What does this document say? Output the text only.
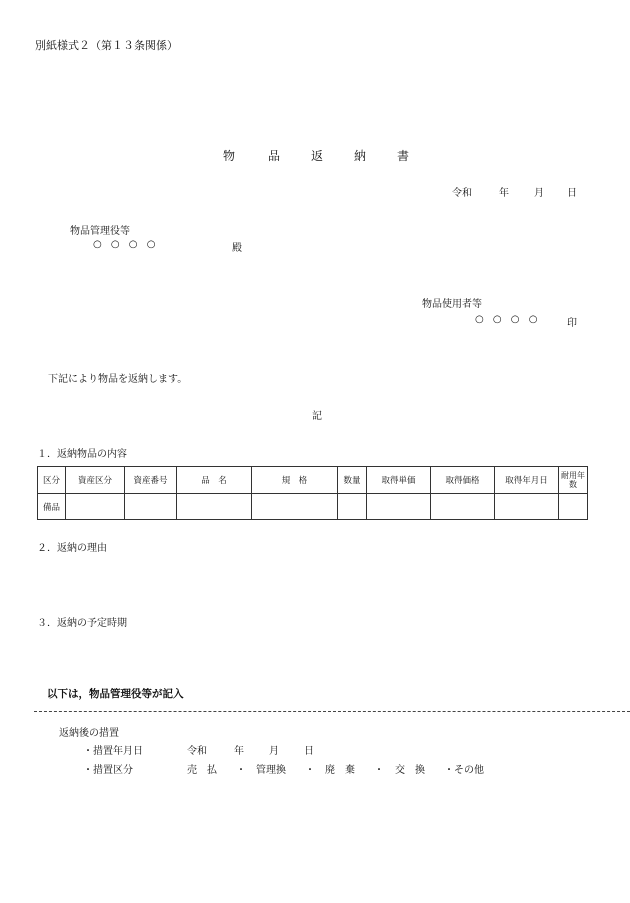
別紙様式２（第１３条関係）
物	品	返	納	書
令和	年	月 日
物品管理役等
○ ○ ○ ○	殿
物品使用者等
○ ○ ○ ○	印
下記により物品を返納します。
記
１．返納物品の内容
区分	資産区分	資産番号	品　名	規　格	数量	取得単価	取得価格	取得年月日	耐用年数
備品									
２．返納の理由
３．返納の予定時期
以下は，物品管理役等が記入
返納後の措置
・措置年月日	令和	年	月	日
・措置区分	売　払 ・ 管理換 ・ 廃　棄 ・ 交　換 ・その他
